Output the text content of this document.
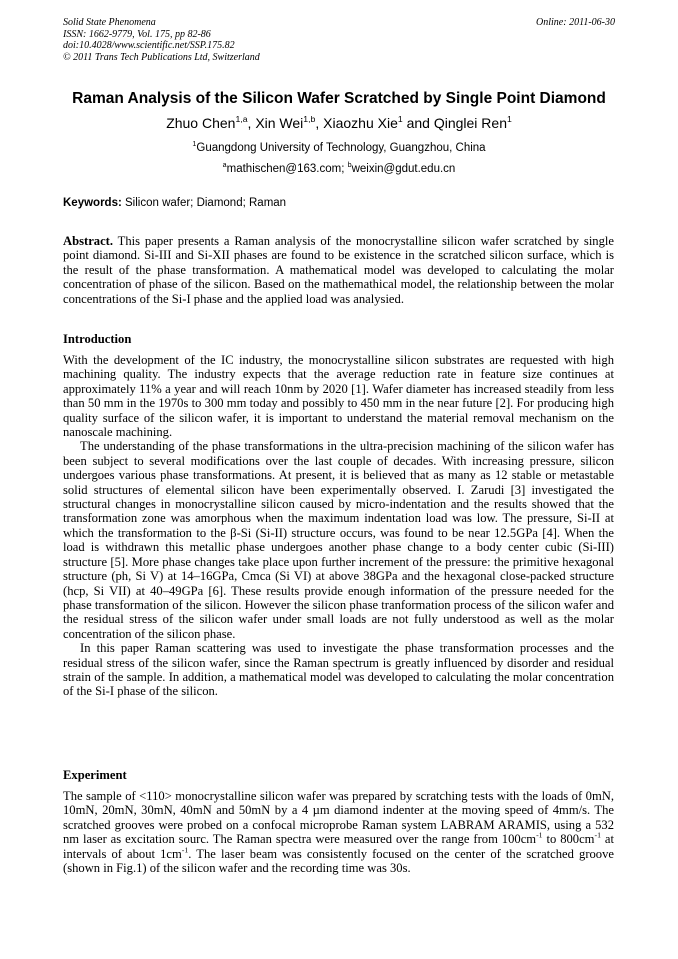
Solid State Phenomena
ISSN: 1662-9779, Vol. 175, pp 82-86
doi:10.4028/www.scientific.net/SSP.175.82
© 2011 Trans Tech Publications Ltd, Switzerland
Online: 2011-06-30
Raman Analysis of the Silicon Wafer Scratched by Single Point Diamond
Zhuo Chen$^{1,a}$, Xin Wei$^{1,b}$, Xiaozhu Xie$^1$ and Qinglei Ren$^1$
$^1$Guangdong University of Technology, Guangzhou, China
$^a$mathischen@163.com; $^b$weixin@gdut.edu.cn
Keywords: Silicon wafer; Diamond; Raman
Abstract. This paper presents a Raman analysis of the monocrystalline silicon wafer scratched by single point diamond. Si-III and Si-XII phases are found to be existence in the scratched silicon surface, which is the result of the phase transformation. A mathematical model was developed to calculating the molar concentration of phase of the silicon. Based on the mathemathical model, the relationship between the molar concentrations of the Si-I phase and the applied load was analysied.
Introduction

With the development of the IC industry, the monocrystalline silicon substrates are requested with high machining quality. The industry expects that the average reduction rate in feature size continues at approximately 11% a year and will reach 10nm by 2020 [1]. Wafer diameter has increased steadily from less than 50 mm in the 1970s to 300 mm today and possibly to 450 mm in the near future [2]. For producing high quality surface of the silicon wafer, it is important to understand the material removal mechanism on the nanoscale machining.

The understanding of the phase transformations in the ultra-precision machining of the silicon wafer has been subject to several modifications over the last couple of decades. With increasing pressure, silicon undergoes various phase transformations. At present, it is believed that as many as 12 stable or metastable solid structures of elemental silicon have been experimentally observed. I. Zarudi [3] investigated the structural changes in monocrystalline silicon caused by micro-indentation and the results showed that the transformation zone was amorphous when the maximum indentation load was low. The pressure, Si-II at which the transformation to the β-Si (Si-II) structure occurs, was found to be near 12.5GPa [4]. When the load is withdrawn this metallic phase undergoes another phase change to a body center cubic (Si-III) structure [5]. More phase changes take place upon further increment of the pressure: the primitive hexagonal structure (ph, Si V) at 14–16GPa, Cmca (Si VI) at above 38GPa and the hexagonal close-packed structure (hcp, Si VII) at 40–49GPa [6]. These results provide enough information of the pressure needed for the phase transformation of the silicon. However the silicon phase tranformation process of the silicon wafer and the residual stress of the silicon wafer under small loads are not fully understood as well as the molar concentration of the silicon phase.

In this paper Raman scattering was used to investigate the phase transformation processes and the residual stress of the silicon wafer, since the Raman spectrum is greatly influenced by disorder and residual strain of the sample. In addition, a mathematical model was developed to calculating the molar concentration of the Si-I phase of the silicon.

Experiment

The sample of <110> monocrystalline silicon wafer was prepared by scratching tests with the loads of 0mN, 10mN, 20mN, 30mN, 40mN and 50mN by a 4 µm diamond indenter at the moving speed of 4mm/s. The scratched grooves were probed on a confocal microprobe Raman system LABRAM ARAMIS, using a 532 nm laser as excitation sourc. The Raman spectra were measured over the range from $100cm^{-1}$ to $800cm^{-1}$ at intervals of about $1cm^{-1}$. The laser beam was consistently focused on the center of the scratched groove (shown in Fig.1) of the silicon wafer and the recording time was 30s.
